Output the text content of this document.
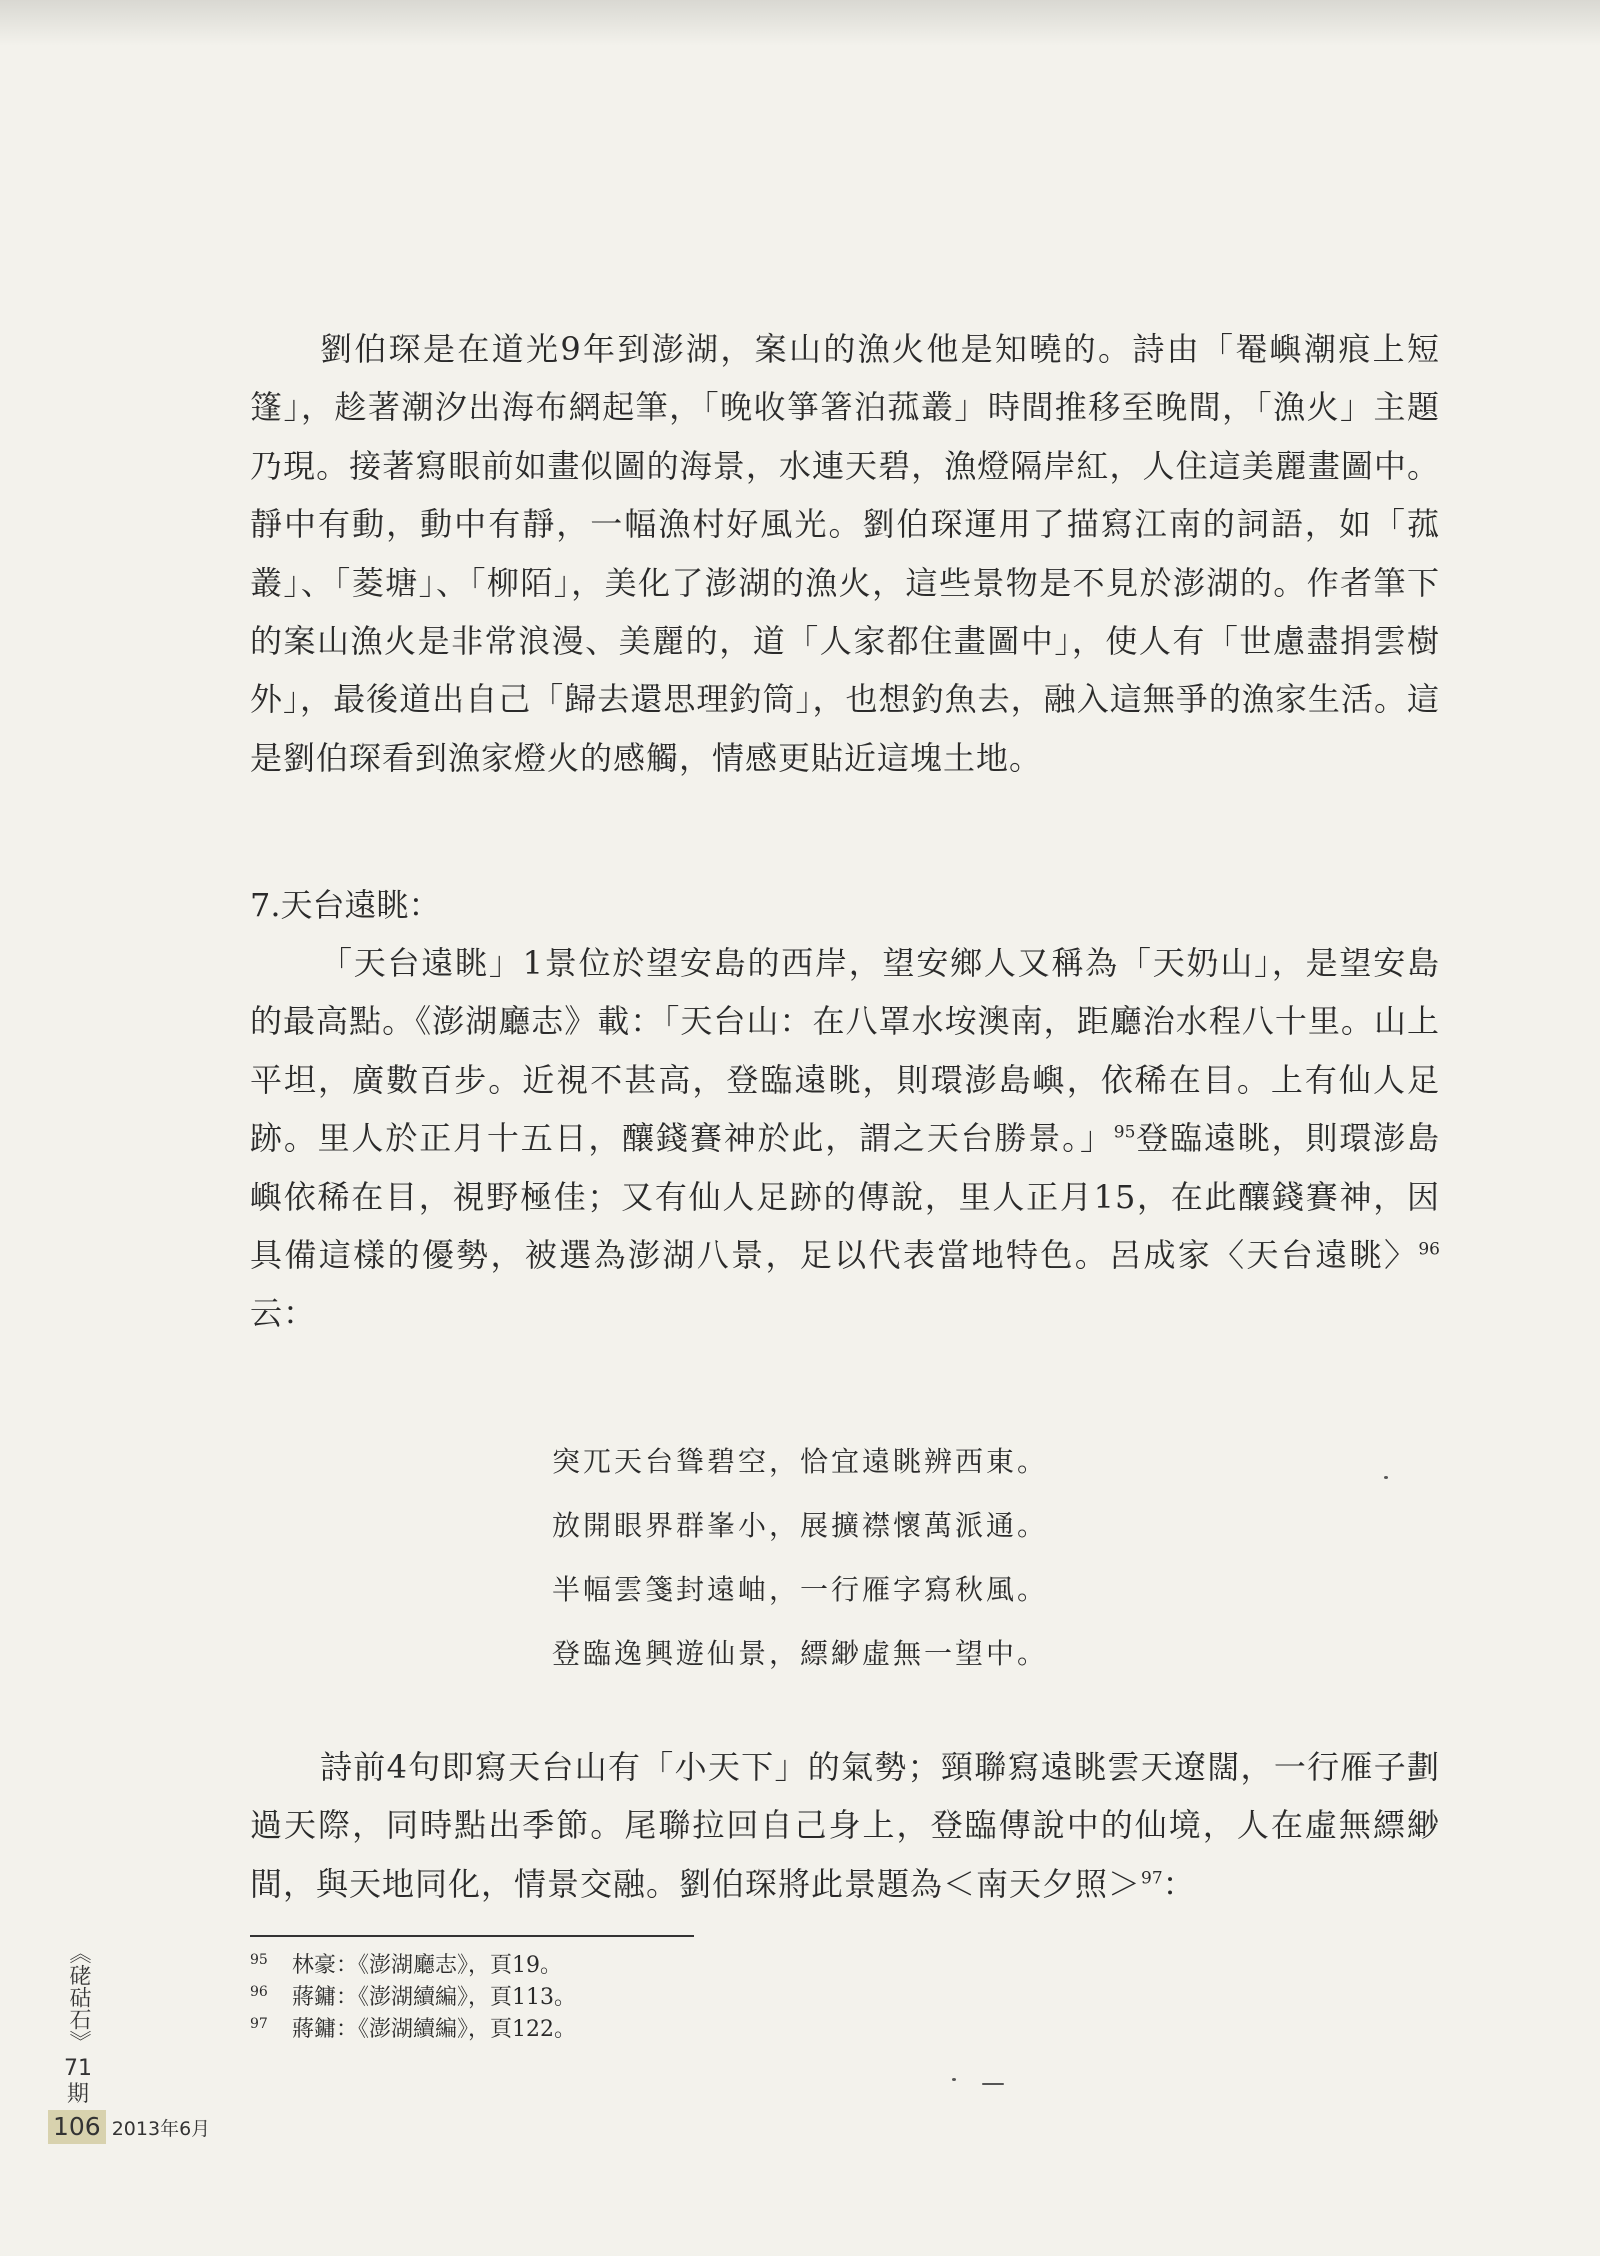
劉伯琛是在道光9年到澎湖，案山的漁火他是知曉的。詩由「罨嶼潮痕上短篷」，趁著潮汐出海布網起筆，「晚收箏箸泊菰叢」時間推移至晚間，「漁火」主題乃現。接著寫眼前如畫似圖的海景，水連天碧，漁燈隔岸紅，人住這美麗畫圖中。靜中有動，動中有靜，一幅漁村好風光。劉伯琛運用了描寫江南的詞語，如「菰叢」、「菱塘」、「柳陌」，美化了澎湖的漁火，這些景物是不見於澎湖的。作者筆下的案山漁火是非常浪漫、美麗的，道「人家都住畫圖中」，使人有「世慮盡捐雲樹外」，最後道出自己「歸去還思理釣筒」，也想釣魚去，融入這無爭的漁家生活。這是劉伯琛看到漁家燈火的感觸，情感更貼近這塊土地。

7.天台遠眺：

「天台遠眺」1景位於望安島的西岸，望安鄉人又稱為「天奶山」，是望安島的最高點。《澎湖廳志》載：「天台山：在八罩水垵澳南，距廳治水程八十里。山上平坦，廣數百步。近視不甚高，登臨遠眺，則環澎島嶼，依稀在目。上有仙人足跡。里人於正月十五日，釀錢賽神於此，謂之天台勝景。」$^{95}$登臨遠眺，則環澎島嶼依稀在目，視野極佳；又有仙人足跡的傳說，里人正月15，在此釀錢賽神，因具備這樣的優勢，被選為澎湖八景，足以代表當地特色。呂成家〈天台遠眺〉$^{96}$云：

突兀天台聳碧空，恰宜遠眺辨西東。
放開眼界群峯小，展擴襟懷萬派通。
半幅雲箋封遠岫，一行雁字寫秋風。
登臨逸興遊仙景，縹緲虛無一望中。

詩前4句即寫天台山有「小天下」的氣勢；頸聯寫遠眺雲天遼闊，一行雁子劃過天際，同時點出季節。尾聯拉回自己身上，登臨傳說中的仙境，人在虛無縹緲間，與天地同化，情景交融。劉伯琛將此景題為＜南天夕照＞$^{97}$：

95 林豪：《澎湖廳志》，頁19。
96 蔣鏞：《澎湖續編》，頁113。
97 蔣鏞：《澎湖續編》，頁122。
《硓𥑮石》
71
期
106 2013年6月
